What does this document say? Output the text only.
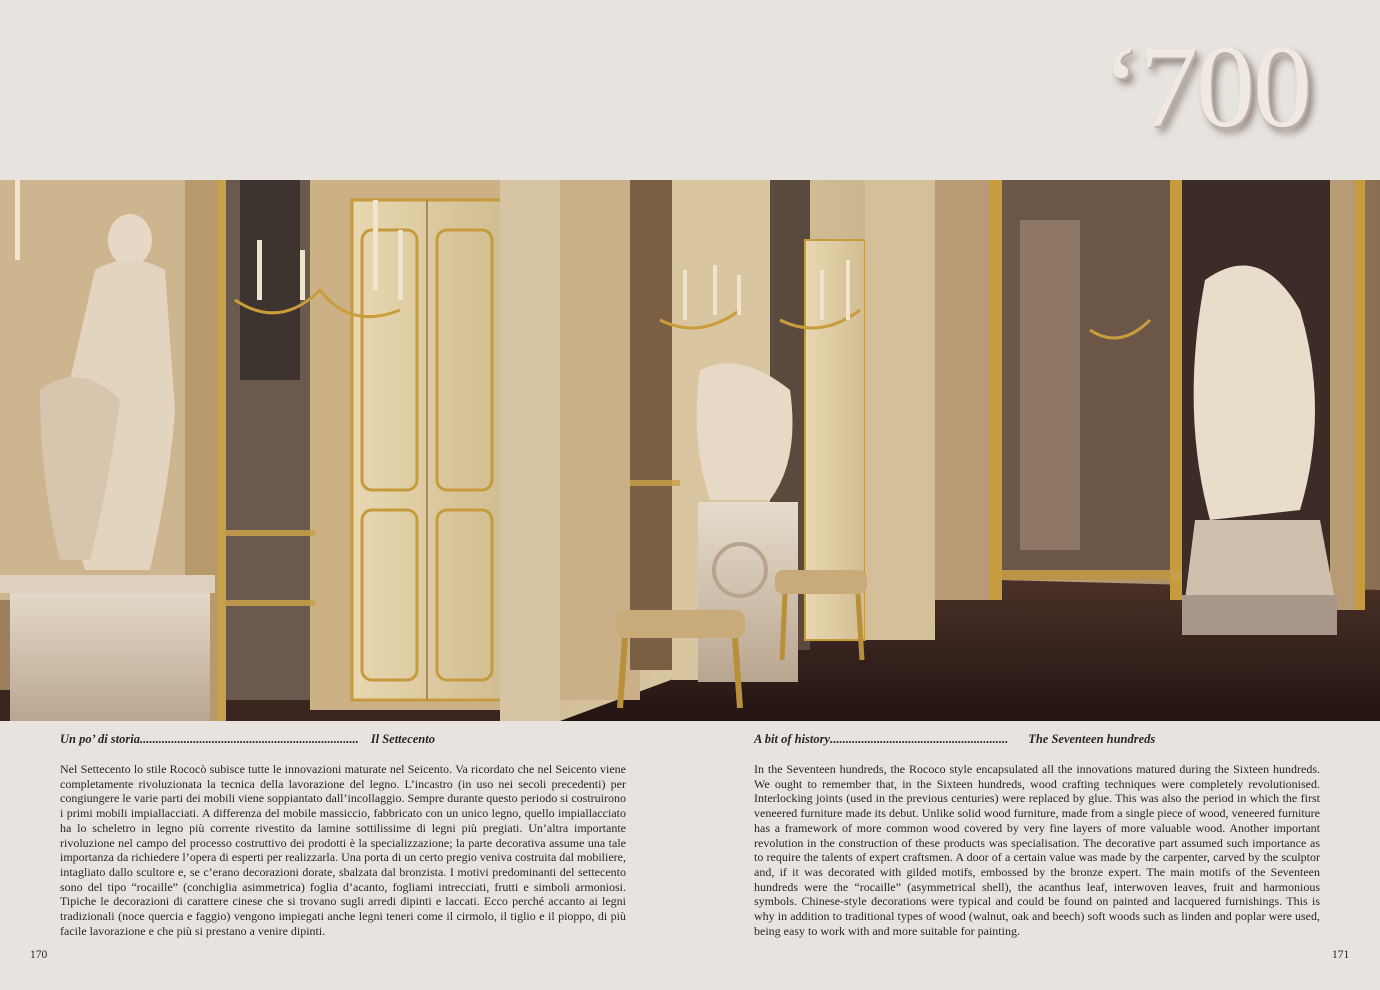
‘700
Un po’ di storia ...................................................................... Il Settecento
Nel Settecento lo stile Rococò subisce tutte le innovazioni maturate nel Seicento. Va ricordato che nel Seicento viene completamente rivoluzionata la tecnica della lavorazione del legno. L’incastro (in uso nei secoli precedenti) per congiungere le varie parti dei mobili viene soppiantato dall’incollaggio. Sempre durante questo periodo si costruirono i primi mobili impiallacciati. A differenza del mobile massiccio, fabbricato con un unico legno, quello impiallacciato ha lo scheletro in legno più corrente rivestito da lamine sottilissime di legni più pregiati. Un’altra importante rivoluzione nel campo del processo costruttivo dei prodotti è la specializzazione; la parte decorativa assume una tale importanza da richiedere l’opera di esperti per realizzarla. Una porta di un certo pregio veniva costruita dal mobiliere, intagliato dallo scultore e, se c’erano decorazioni dorate, sbalzata dal bronzista. I motivi predominanti del settecento sono del tipo “rocaille” (conchiglia asimmetrica) foglia d’acanto, fogliami intrecciati, frutti e simboli armoniosi. Tipiche le decorazioni di carattere cinese che si trovano sugli arredi dipinti e laccati. Ecco perché accanto ai legni tradizionali (noce quercia e faggio) vengono impiegati anche legni teneri come il cirmolo, il tiglio e il pioppo, di più facile lavorazione e che più si prestano a venire dipinti.
A bit of history ......................................................... The Seventeen hundreds
In the Seventeen hundreds, the Rococo style encapsulated all the innovations matured during the Sixteen hundreds. We ought to remember that, in the Sixteen hundreds, wood crafting techniques were completely revolutionised. Interlocking joints (used in the previous centuries) were replaced by glue. This was also the period in which the first veneered furniture made its debut. Unlike solid wood furniture, made from a single piece of wood, veneered furniture has a framework of more common wood covered by very fine layers of more valuable wood. Another important revolution in the construction of these products was specialisation. The decorative part assumed such importance as to require the talents of expert craftsmen. A door of a certain value was made by the carpenter, carved by the sculptor and, if it was decorated with gilded motifs, embossed by the bronze expert. The main motifs of the Seventeen hundreds were the “rocaille” (asymmetrical shell), the acanthus leaf, interwoven leaves, fruit and harmonious symbols. Chinese-style decorations were typical and could be found on painted and lacquered furnishings. This is why in addition to traditional types of wood (walnut, oak and beech) soft woods such as linden and poplar were used, being easy to work with and more suitable for painting.
170	171
